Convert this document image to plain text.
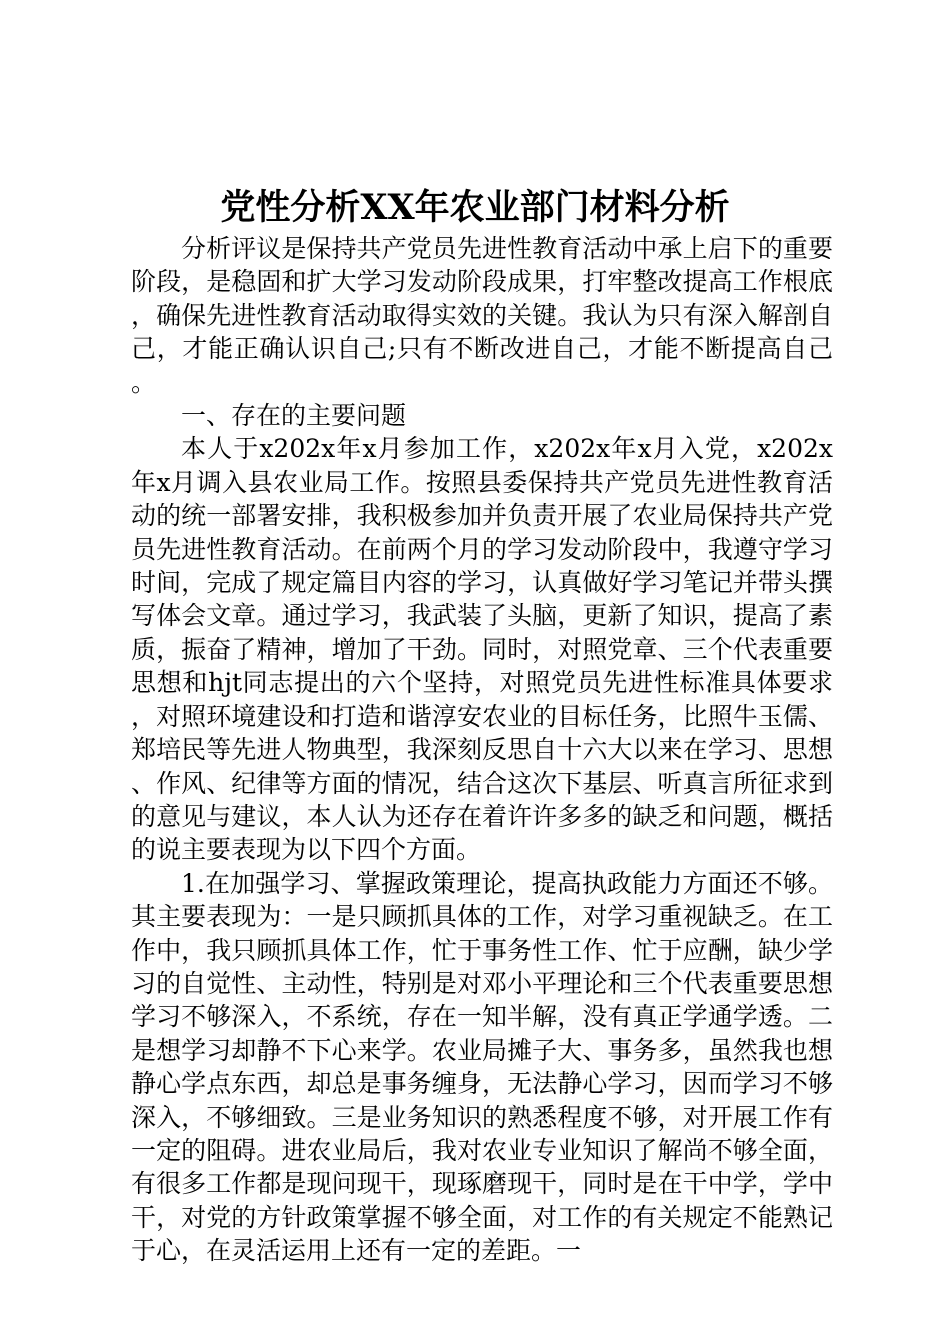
党性分析XX年农业部门材料分析

分析评议是保持共产党员先进性教育活动中承上启下的重要阶段，是稳固和扩大学习发动阶段成果，打牢整改提高工作根底，确保先进性教育活动取得实效的关键。我认为只有深入解剖自己，才能正确认识自己;只有不断改进自己，才能不断提高自己。

一、存在的主要问题

本人于x202x年x月参加工作，x202x年x月入党，x202x年x月调入县农业局工作。按照县委保持共产党员先进性教育活动的统一部署安排，我积极参加并负责开展了农业局保持共产党员先进性教育活动。在前两个月的学习发动阶段中，我遵守学习时间，完成了规定篇目内容的学习，认真做好学习笔记并带头撰写体会文章。通过学习，我武装了头脑，更新了知识，提高了素质，振奋了精神，增加了干劲。同时，对照党章、三个代表重要思想和hjt同志提出的六个坚持，对照党员先进性标准具体要求，对照环境建设和打造和谐淳安农业的目标任务，比照牛玉儒、郑培民等先进人物典型，我深刻反思自十六大以来在学习、思想、作风、纪律等方面的情况，结合这次下基层、听真言所征求到的意见与建议，本人认为还存在着许许多多的缺乏和问题，概括的说主要表现为以下四个方面。

1.在加强学习、掌握政策理论，提高执政能力方面还不够。其主要表现为：一是只顾抓具体的工作，对学习重视缺乏。在工作中，我只顾抓具体工作，忙于事务性工作、忙于应酬，缺少学习的自觉性、主动性，特别是对邓小平理论和三个代表重要思想学习不够深入，不系统，存在一知半解，没有真正学通学透。二是想学习却静不下心来学。农业局摊子大、事务多，虽然我也想静心学点东西，却总是事务缠身，无法静心学习，因而学习不够深入，不够细致。三是业务知识的熟悉程度不够，对开展工作有一定的阻碍。进农业局后，我对农业专业知识了解尚不够全面，有很多工作都是现问现干，现琢磨现干，同时是在干中学，学中干，对党的方针政策掌握不够全面，对工作的有关规定不能熟记于心，在灵活运用上还有一定的差距。一
